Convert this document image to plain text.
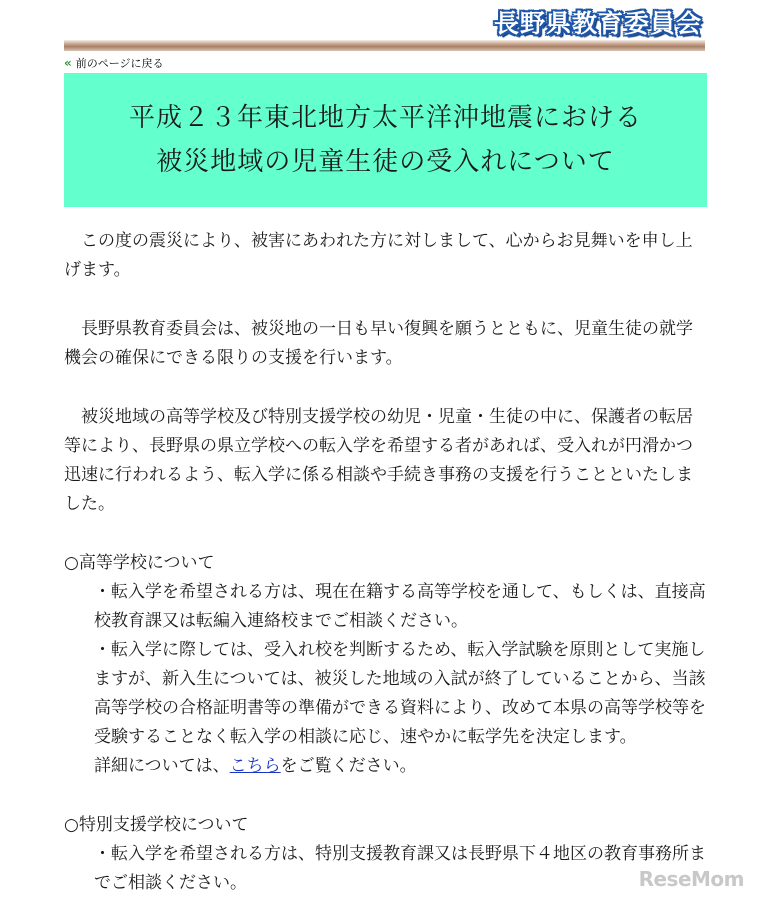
長野県教育委員会
« 前のページに戻る
平成２３年東北地方太平洋沖地震における
被災地域の児童生徒の受入れについて

　この度の震災により、被害にあわれた方に対しまして、心からお見舞いを申し上げます。

　長野県教育委員会は、被災地の一日も早い復興を願うとともに、児童生徒の就学機会の確保にできる限りの支援を行います。

　被災地域の高等学校及び特別支援学校の幼児・児童・生徒の中に、保護者の転居等により、長野県の県立学校への転入学を希望する者があれば、受入れが円滑かつ迅速に行われるよう、転入学に係る相談や手続き事務の支援を行うことといたしました。

○高等学校について

・転入学を希望される方は、現在在籍する高等学校を通して、もしくは、直接高校教育課又は転編入連絡校までご相談ください。

・転入学に際しては、受入れ校を判断するため、転入学試験を原則として実施しますが、新入生については、被災した地域の入試が終了していることから、当該高等学校の合格証明書等の準備ができる資料により、改めて本県の高等学校等を受験することなく転入学の相談に応じ、速やかに転学先を決定します。

詳細については、こちらをご覧ください。

○特別支援学校について

・転入学を希望される方は、特別支援教育課又は長野県下４地区の教育事務所までご相談ください。	ReseMom
